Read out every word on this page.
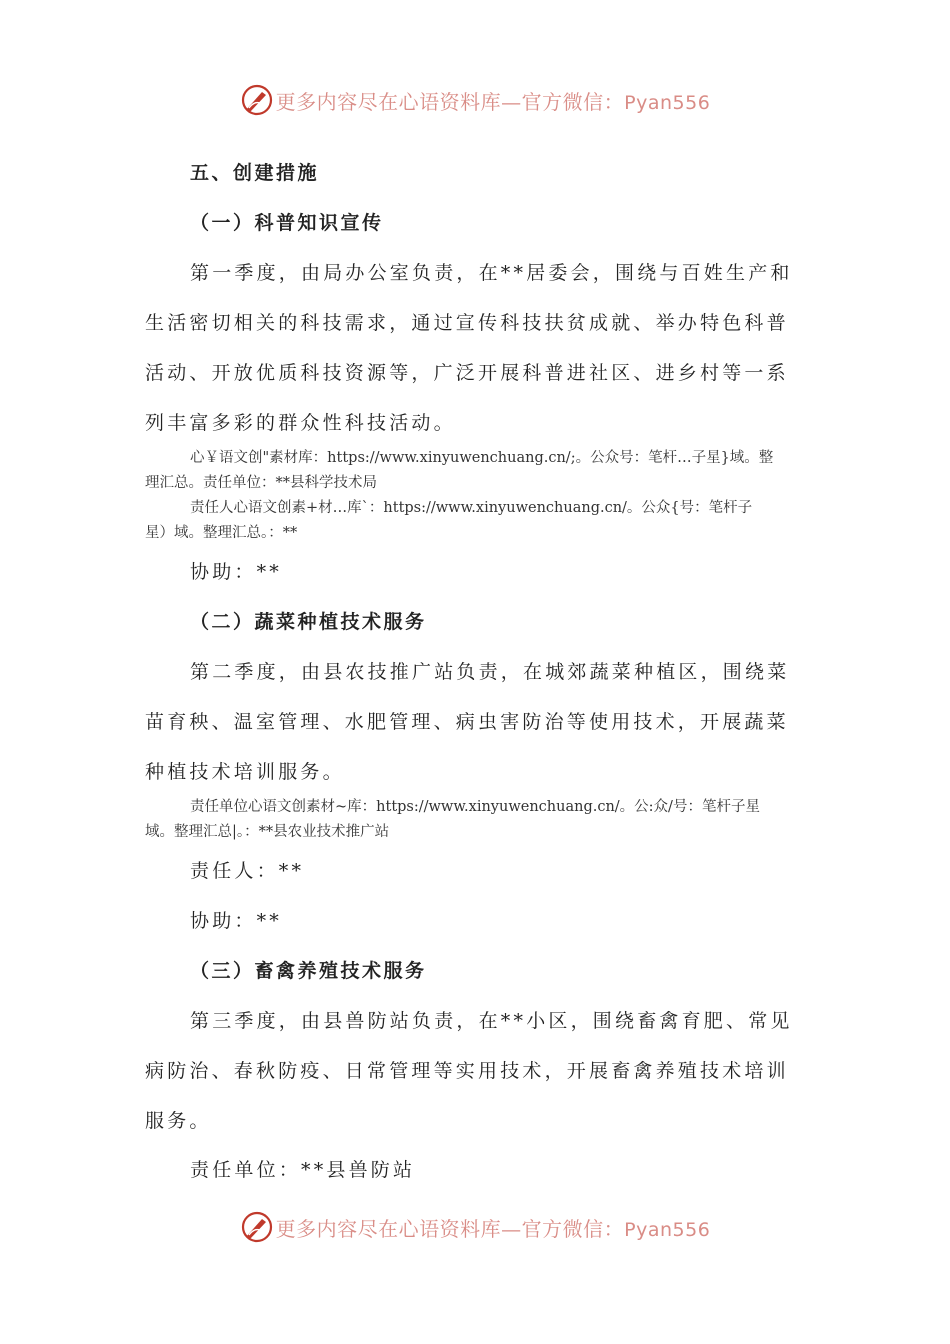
更多内容尽在心语资料库—官方微信：Pyan556
五、创建措施
（一）科普知识宣传
第一季度，由局办公室负责，在**居委会，围绕与百姓生产和
生活密切相关的科技需求，通过宣传科技扶贫成就、举办特色科普
活动、开放优质科技资源等，广泛开展科普进社区、进乡村等一系
列丰富多彩的群众性科技活动。
心￥语文创"素材库：https://www.xinyuwenchuang.cn/;。公众号：笔杆…子星}域。整
理汇总。责任单位：**县科学技术局
责任人心语文创素+材…库`：https://www.xinyuwenchuang.cn/。公众{号：笔杆子
星）域。整理汇总。：**
协助：**
（二）蔬菜种植技术服务
第二季度，由县农技推广站负责，在城郊蔬菜种植区，围绕菜
苗育秧、温室管理、水肥管理、病虫害防治等使用技术，开展蔬菜
种植技术培训服务。
责任单位心语文创素材~库：https://www.xinyuwenchuang.cn/。公:众/号：笔杆子星
域。整理汇总|。：**县农业技术推广站
责任人：**
协助：**
（三）畜禽养殖技术服务
第三季度，由县兽防站负责，在**小区，围绕畜禽育肥、常见
病防治、春秋防疫、日常管理等实用技术，开展畜禽养殖技术培训
服务。
责任单位：**县兽防站
更多内容尽在心语资料库—官方微信：Pyan556
